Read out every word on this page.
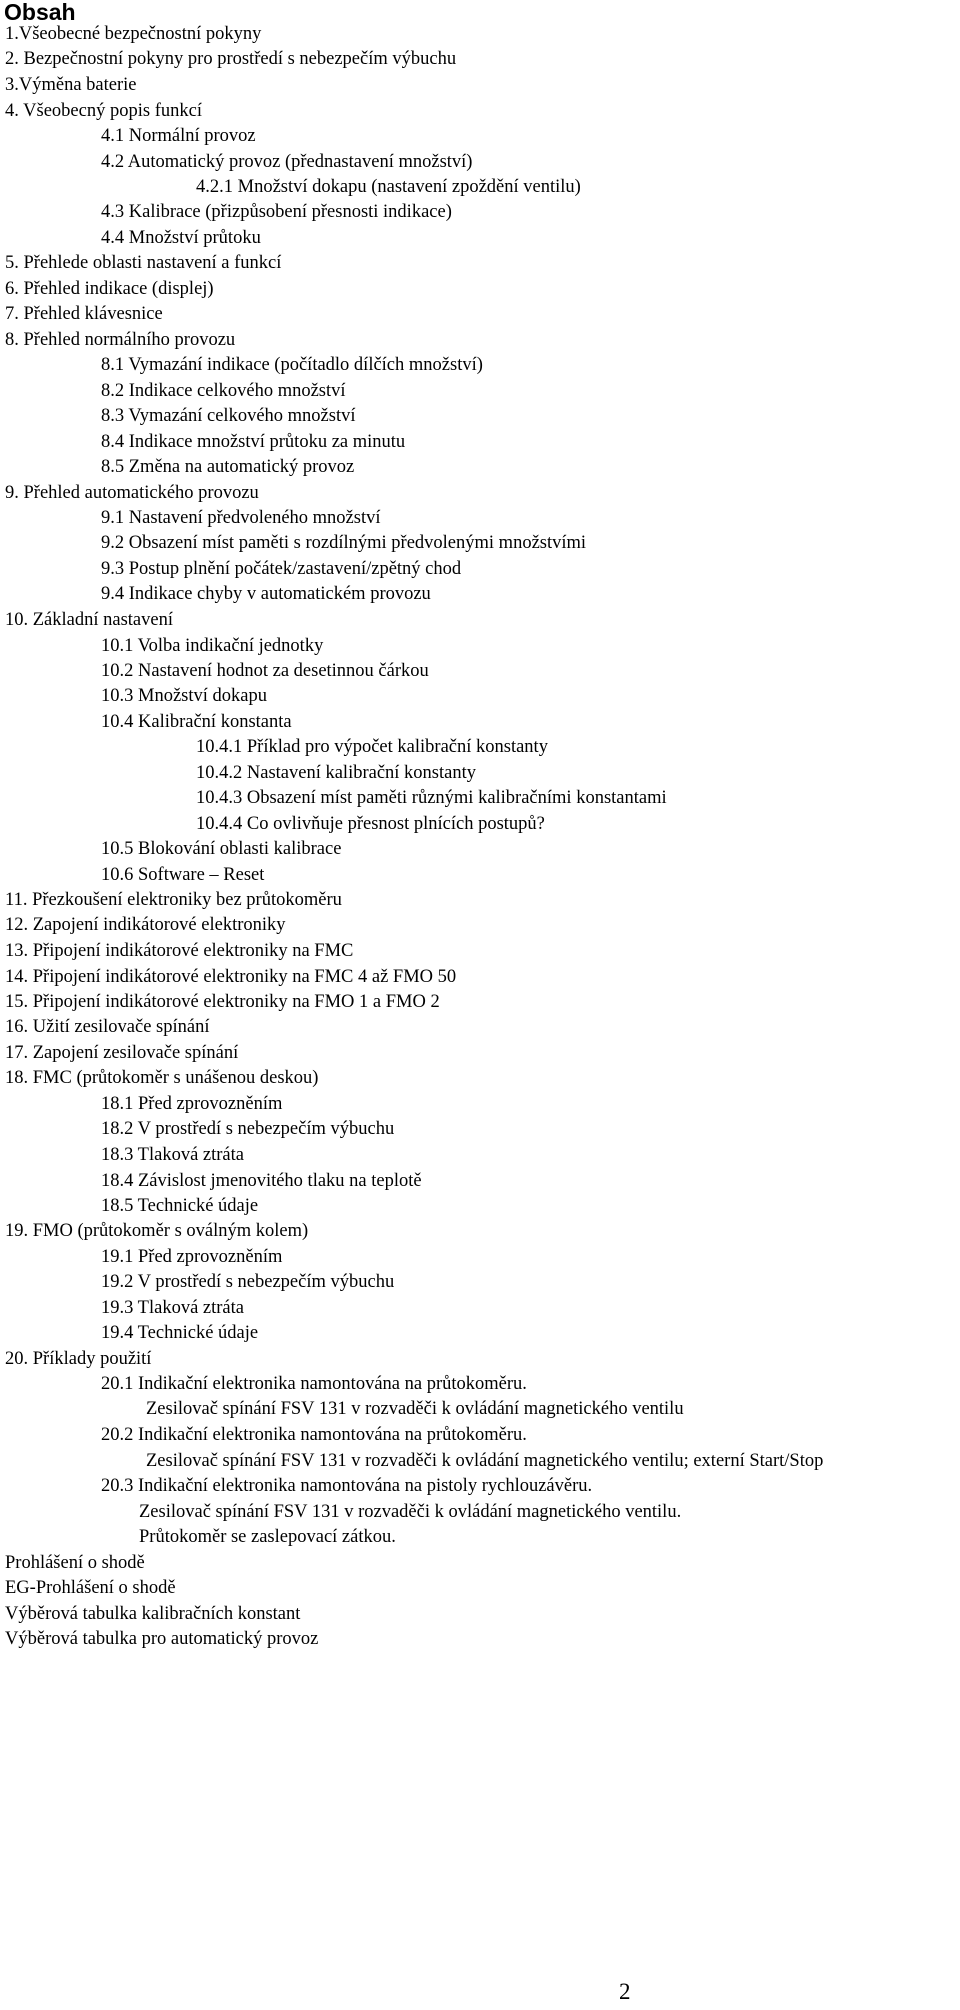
Obsah
1.Všeobecné bezpečnostní pokyny
2. Bezpečnostní pokyny pro prostředí s nebezpečím výbuchu
3.Výměna baterie
4. Všeobecný popis funkcí
4.1 Normální provoz
4.2 Automatický provoz (přednastavení množství)
4.2.1 Množství dokapu (nastavení zpoždění ventilu)
4.3 Kalibrace (přizpůsobení přesnosti indikace)
4.4 Množství průtoku
5. Přehlede oblasti nastavení a funkcí
6. Přehled indikace (displej)
7. Přehled klávesnice
8. Přehled normálního provozu
8.1 Vymazání indikace (počítadlo dílčích množství)
8.2 Indikace celkového množství
8.3 Vymazání celkového množství
8.4 Indikace množství průtoku za minutu
8.5 Změna na automatický provoz
9. Přehled automatického provozu
9.1 Nastavení předvoleného množství
9.2 Obsazení míst paměti s rozdílnými předvolenými množstvími
9.3 Postup plnění počátek/zastavení/zpětný chod
9.4 Indikace chyby v automatickém provozu
10. Základní nastavení
10.1 Volba indikační jednotky
10.2 Nastavení hodnot za desetinnou čárkou
10.3 Množství dokapu
10.4 Kalibrační konstanta
10.4.1 Příklad pro výpočet kalibrační konstanty
10.4.2 Nastavení kalibrační konstanty
10.4.3 Obsazení míst paměti různými kalibračními konstantami
10.4.4 Co ovlivňuje přesnost plnících postupů?
10.5 Blokování oblasti kalibrace
10.6 Software – Reset
11. Přezkoušení elektroniky bez průtokoměru
12. Zapojení indikátorové elektroniky
13. Připojení indikátorové elektroniky na FMC
14. Připojení indikátorové elektroniky na FMC 4 až FMO 50
15. Připojení indikátorové elektroniky na FMO 1 a FMO 2
16. Užití zesilovače spínání
17. Zapojení zesilovače spínání
18. FMC (průtokoměr s unášenou deskou)
18.1 Před zprovozněním
18.2 V prostředí s nebezpečím výbuchu
18.3 Tlaková ztráta
18.4 Závislost jmenovitého tlaku na teplotě
18.5 Technické údaje
19. FMO (průtokoměr s oválným kolem)
19.1 Před zprovozněním
19.2 V prostředí s nebezpečím výbuchu
19.3 Tlaková ztráta
19.4 Technické údaje
20. Příklady použití
20.1 Indikační elektronika namontována na průtokoměru.
Zesilovač spínání FSV 131 v rozvaděči k ovládání magnetického ventilu
20.2 Indikační elektronika namontována na průtokoměru.
Zesilovač spínání FSV 131 v rozvaděči k ovládání magnetického ventilu; externí Start/Stop
20.3 Indikační elektronika namontována na pistoly rychlouzávěru.
Zesilovač spínání FSV 131 v rozvaděči k ovládání magnetického ventilu.
Průtokoměr se zaslepovací zátkou.
Prohlášení o shodě
EG-Prohlášení o shodě
Výběrová tabulka kalibračních konstant
Výběrová tabulka pro automatický provoz
2
